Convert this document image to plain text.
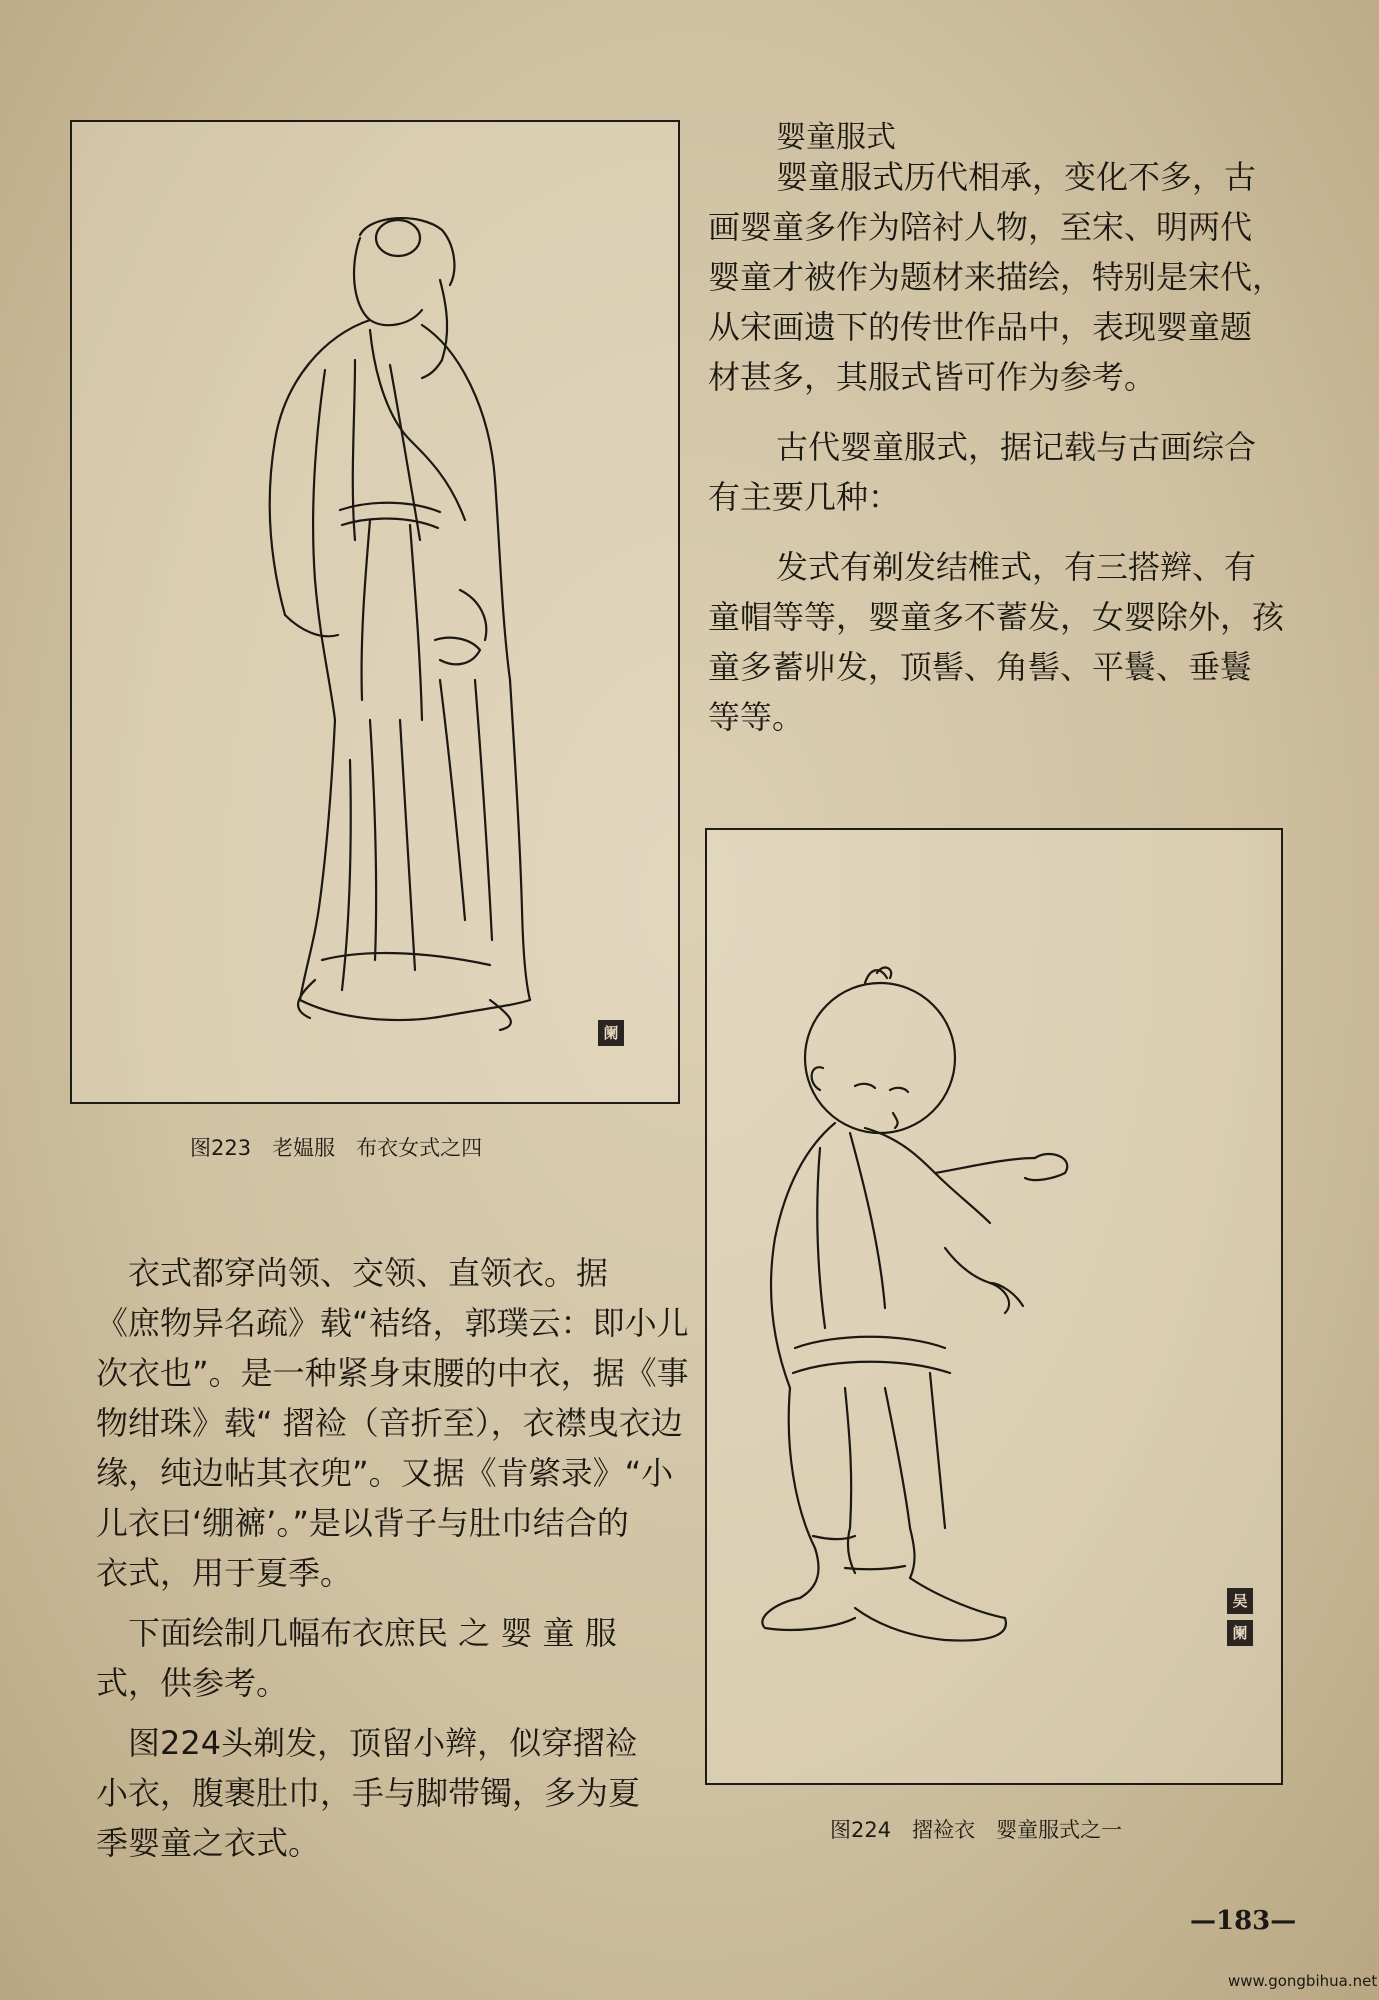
阑
图223　老媪服　布衣女式之四
婴童服式
婴童服式历代相承，变化不多，古
画婴童多作为陪衬人物，至宋、明两代
婴童才被作为题材来描绘，特别是宋代，
从宋画遗下的传世作品中，表现婴童题
材甚多，其服式皆可作为参考。
古代婴童服式，据记载与古画综合
有主要几种：
发式有剃发结椎式，有三搭辫、有
童帽等等，婴童多不蓄发，女婴除外，孩
童多蓄丱发，顶髻、角髻、平鬟、垂鬟
等等。
吴
阑
图224　摺裣衣　婴童服式之一
衣式都穿尚领、交领、直领衣。据
《庶物异名疏》载“袺络，郭璞云：即小儿
次衣也”。是一种紧身束腰的中衣，据《事
物绀珠》载“ 摺裣（音折至），衣襟曳衣边
缘，纯边帖其衣兜”。又据《肯綮录》“小
儿衣曰‘绷褯’。”是以背子与肚巾结合的
衣式，用于夏季。
下面绘制几幅布衣庶民 之 婴 童 服
式，供参考。
图224头剃发，顶留小辫，似穿摺裣
小衣，腹裹肚巾，手与脚带镯，多为夏
季婴童之衣式。
—183—
www.gongbihua.net
